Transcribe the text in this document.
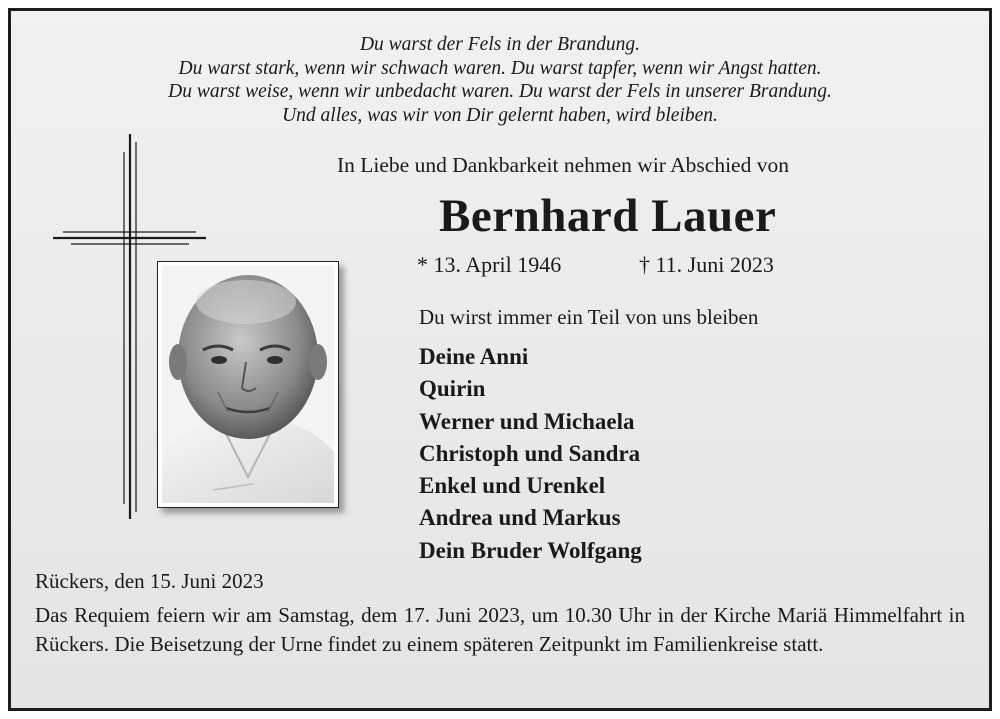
Du warst der Fels in der Brandung.
Du warst stark, wenn wir schwach waren. Du warst tapfer, wenn wir Angst hatten.
Du warst weise, wenn wir unbedacht waren. Du warst der Fels in unserer Brandung.
Und alles, was wir von Dir gelernt haben, wird bleiben.
In Liebe und Dankbarkeit nehmen wir Abschied von
Bernhard Lauer
* 13. April 1946	† 11. Juni 2023
Du wirst immer ein Teil von uns bleiben
Deine Anni
Quirin
Werner und Michaela
Christoph und Sandra
Enkel und Urenkel
Andrea und Markus
Dein Bruder Wolfgang
Rückers, den 15. Juni 2023
Das Requiem feiern wir am Samstag, dem 17. Juni 2023, um 10.30 Uhr in der Kirche Mariä Himmelfahrt in Rückers. Die Beisetzung der Urne findet zu einem späteren Zeitpunkt im Familienkreise statt.
